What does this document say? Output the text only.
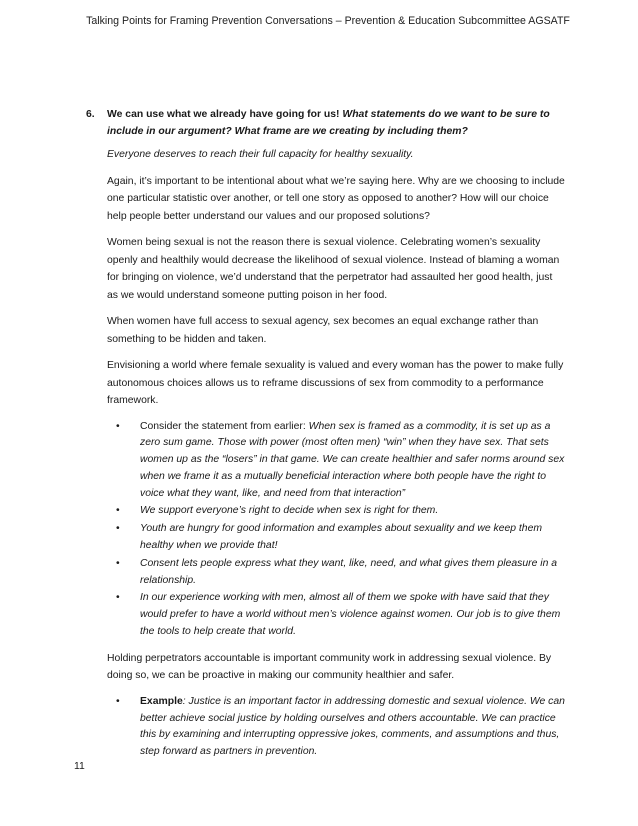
Talking Points for Framing Prevention Conversations – Prevention & Education Subcommittee AGSATF
6. We can use what we already have going for us! What statements do we want to be sure to include in our argument? What frame are we creating by including them?

Everyone deserves to reach their full capacity for healthy sexuality.

Again, it’s important to be intentional about what we’re saying here. Why are we choosing to include one particular statistic over another, or tell one story as opposed to another? How will our choice help people better understand our values and our proposed solutions?

Women being sexual is not the reason there is sexual violence. Celebrating women’s sexuality openly and healthily would decrease the likelihood of sexual violence. Instead of blaming a woman for bringing on violence, we’d understand that the perpetrator had assaulted her good health, just as we would understand someone putting poison in her food.

When women have full access to sexual agency, sex becomes an equal exchange rather than something to be hidden and taken.

Envisioning a world where female sexuality is valued and every woman has the power to make fully autonomous choices allows us to reframe discussions of sex from commodity to a performance framework.

• Consider the statement from earlier: When sex is framed as a commodity, it is set up as a zero sum game. Those with power (most often men) “win” when they have sex. That sets women up as the “losers” in that game. We can create healthier and safer norms around sex when we frame it as a mutually beneficial interaction where both people have the right to voice what they want, like, and need from that interaction”
• We support everyone’s right to decide when sex is right for them.
• Youth are hungry for good information and examples about sexuality and we keep them healthy when we provide that!
• Consent lets people express what they want, like, need, and what gives them pleasure in a relationship.
• In our experience working with men, almost all of them we spoke with have said that they would prefer to have a world without men’s violence against women. Our job is to give them the tools to help create that world.

Holding perpetrators accountable is important community work in addressing sexual violence. By doing so, we can be proactive in making our community healthier and safer.

• Example: Justice is an important factor in addressing domestic and sexual violence. We can better achieve social justice by holding ourselves and others accountable. We can practice this by examining and interrupting oppressive jokes, comments, and assumptions and thus, step forward as partners in prevention.
11
